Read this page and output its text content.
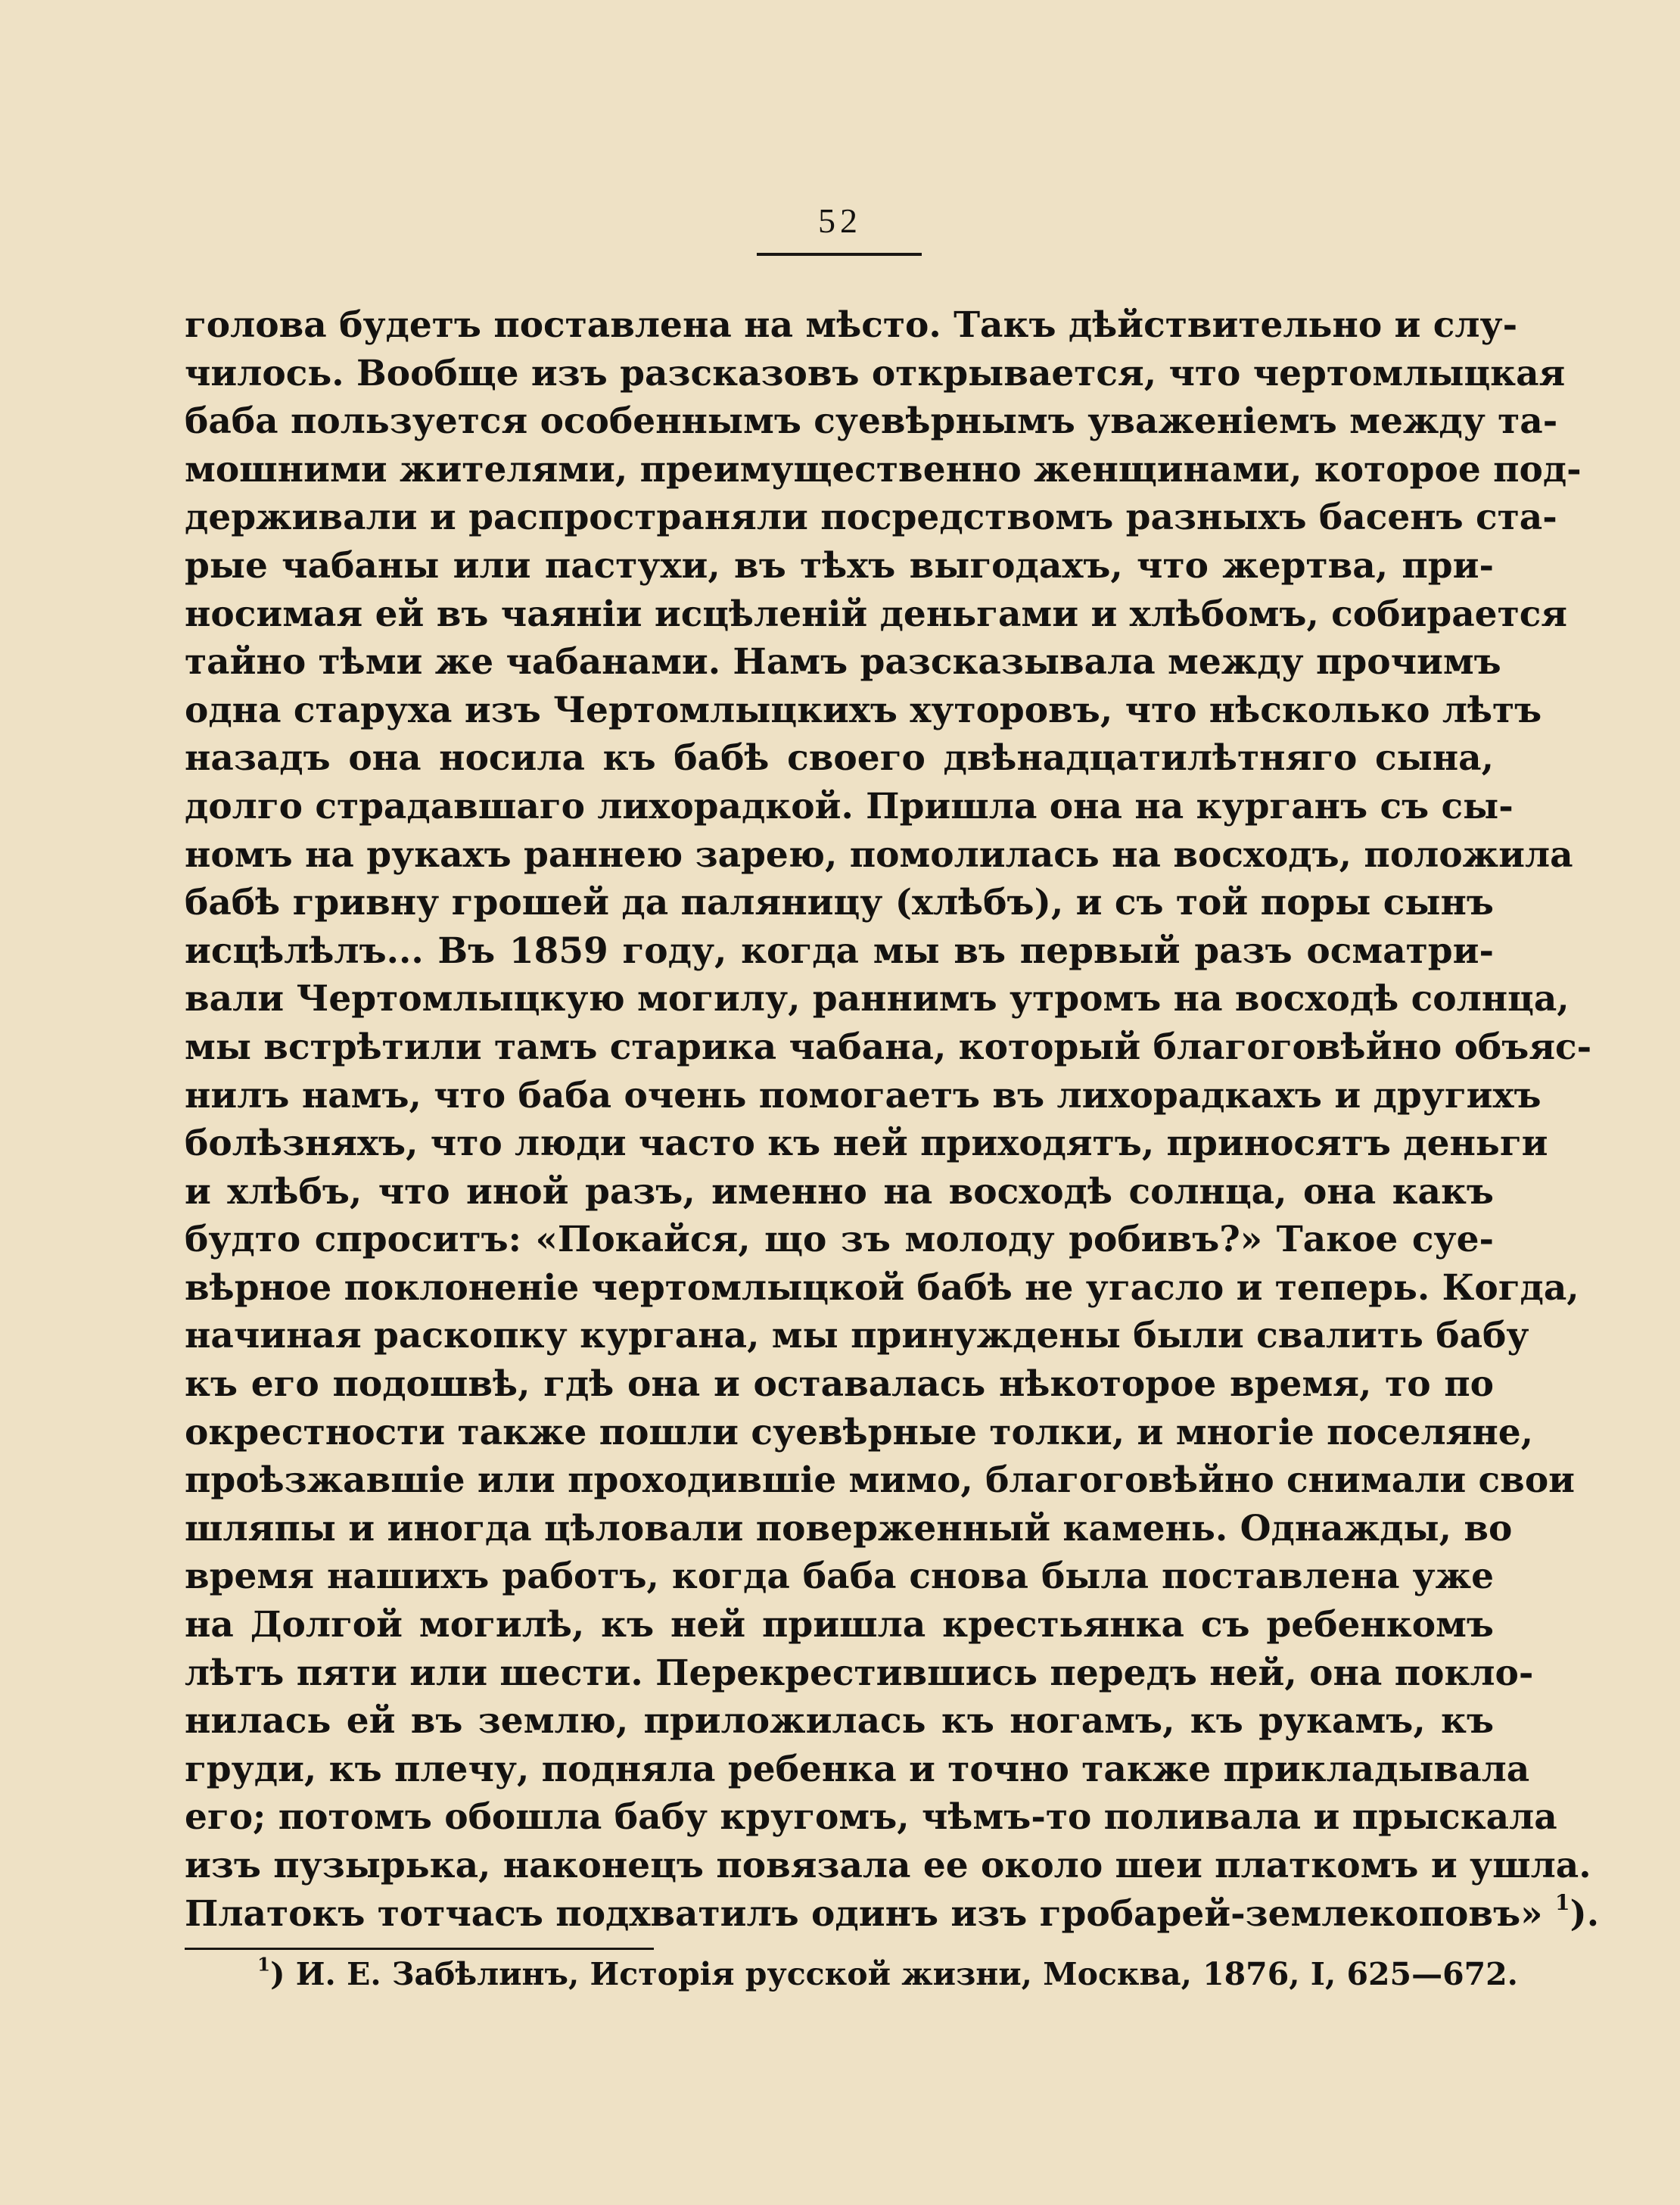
52
голова будетъ поставлена на мѣсто. Такъ дѣйствительно и слу-
чилось. Вообще изъ разсказовъ открывается, что чертомлыцкая
баба пользуется особеннымъ суевѣрнымъ уваженіемъ между та-
мошними жителями, преимущественно женщинами, которое под-
держивали и распространяли посредствомъ разныхъ басенъ ста-
рые чабаны или пастухи, въ тѣхъ выгодахъ, что жертва, при-
носимая ей въ чаяніи исцѣленій деньгами и хлѣбомъ, собирается
тайно тѣми же чабанами. Намъ разсказывала между прочимъ
одна старуха изъ Чертомлыцкихъ хуторовъ, что нѣсколько лѣтъ
назадъ она носила къ бабѣ своего двѣнадцатилѣтняго сына,
долго страдавшаго лихорадкой. Пришла она на курганъ съ сы-
номъ на рукахъ раннею зарею, помолилась на восходъ, положила
бабѣ гривну грошей да паляницу (хлѣбъ), и съ той поры сынъ
исцѣлѣлъ... Въ 1859 году, когда мы въ первый разъ осматри-
вали Чертомлыцкую могилу, раннимъ утромъ на восходѣ солнца,
мы встрѣтили тамъ старика чабана, который благоговѣйно объяс-
нилъ намъ, что баба очень помогаетъ въ лихорадкахъ и другихъ
болѣзняхъ, что люди часто къ ней приходятъ, приносятъ деньги
и хлѣбъ, что иной разъ, именно на восходѣ солнца, она какъ
будто спроситъ: «Покайся, що зъ молоду робивъ?» Такое суе-
вѣрное поклоненіе чертомлыцкой бабѣ не угасло и теперь. Когда,
начиная раскопку кургана, мы принуждены были свалить бабу
къ его подошвѣ, гдѣ она и оставалась нѣкоторое время, то по
окрестности также пошли суевѣрные толки, и многіе поселяне,
проѣзжавшіе или проходившіе мимо, благоговѣйно снимали свои
шляпы и иногда цѣловали поверженный камень. Однажды, во
время нашихъ работъ, когда баба снова была поставлена уже
на Долгой могилѣ, къ ней пришла крестьянка съ ребенкомъ
лѣтъ пяти или шести. Перекрестившись передъ ней, она покло-
нилась ей въ землю, приложилась къ ногамъ, къ рукамъ, къ
груди, къ плечу, подняла ребенка и точно также прикладывала
его; потомъ обошла бабу кругомъ, чѣмъ-то поливала и прыскала
изъ пузырька, наконецъ повязала ее около шеи платкомъ и ушла.
Платокъ тотчасъ подхватилъ одинъ изъ гробарей-землекоповъ» $^1$).
$^1$) И. Е. Забѣлинъ, Исторія русской жизни, Москва, 1876, I, 625—672.
